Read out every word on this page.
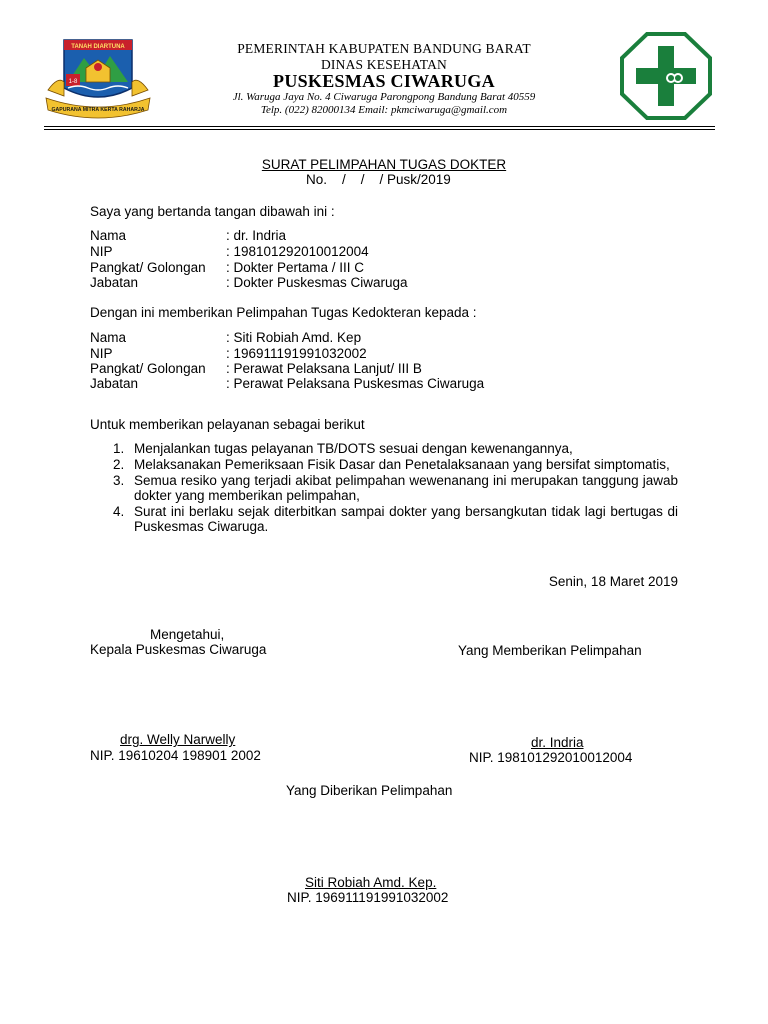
TANAH DIARTUNA
1-8
GAPURANA MITRA KERTA RAHARJA
PEMERINTAH KABUPATEN BANDUNG BARAT
DINAS KESEHATAN
PUSKESMAS CIWARUGA
Jl. Waruga Jaya No. 4 Ciwaruga Parongpong Bandung Barat 40559
Telp. (022) 82000134 Email: pkmciwaruga@gmail.com
SURAT PELIMPAHAN TUGAS DOKTER
No.    /    /    / Pusk/2019
Saya yang bertanda tangan dibawah ini :
Nama	: dr. Indria
NIP	: 198101292010012004
Pangkat/ Golongan : Dokter Pertama / III C
Jabatan	: Dokter Puskesmas Ciwaruga
Dengan ini memberikan Pelimpahan Tugas Kedokteran kepada :
Nama	: Siti Robiah Amd. Kep
NIP	: 196911191991032002
Pangkat/ Golongan : Perawat Pelaksana Lanjut/ III B
Jabatan	: Perawat Pelaksana Puskesmas Ciwaruga
Untuk memberikan pelayanan sebagai berikut
1. Menjalankan tugas pelayanan TB/DOTS sesuai dengan kewenangannya,
2. Melaksanakan Pemeriksaan Fisik Dasar dan Penetalaksanaan yang bersifat simptomatis,
3. Semua resiko yang terjadi akibat pelimpahan wewenanang ini merupakan tanggung jawab dokter yang memberikan pelimpahan,
4. Surat ini berlaku sejak diterbitkan sampai dokter yang bersangkutan tidak lagi bertugas di Puskesmas Ciwaruga.
Senin, 18 Maret 2019
Mengetahui,
Kepala Puskesmas Ciwaruga	Yang Memberikan Pelimpahan
drg. Welly Narwelly
NIP. 19610204 198901 2002
dr. Indria
NIP. 198101292010012004
Yang Diberikan Pelimpahan
Siti Robiah Amd. Kep.
NIP. 196911191991032002
